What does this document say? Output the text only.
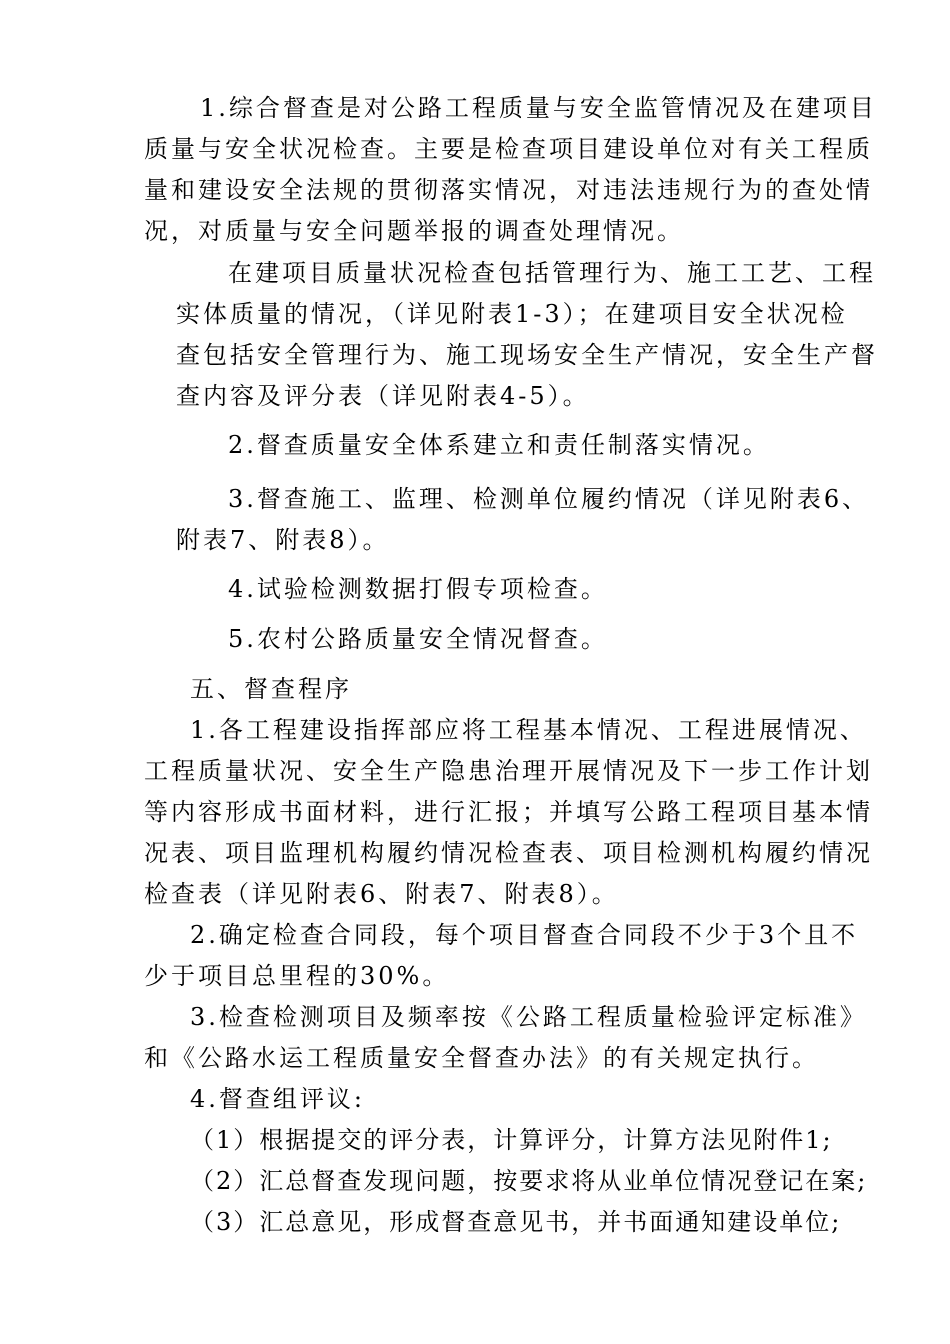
1.综合督查是对公路工程质量与安全监管情况及在建项目
质量与安全状况检查。主要是检查项目建设单位对有关工程质
量和建设安全法规的贯彻落实情况，对违法违规行为的查处情
况，对质量与安全问题举报的调查处理情况。
在建项目质量状况检查包括管理行为、施工工艺、工程
实体质量的情况，（详见附表1-3）；在建项目安全状况检
查包括安全管理行为、施工现场安全生产情况，安全生产督
查内容及评分表（详见附表4-5）。
2.督查质量安全体系建立和责任制落实情况。
3.督查施工、监理、检测单位履约情况（详见附表6、
附表7、附表8）。
4.试验检测数据打假专项检查。
5.农村公路质量安全情况督查。
五、督查程序
1.各工程建设指挥部应将工程基本情况、工程进展情况、
工程质量状况、安全生产隐患治理开展情况及下一步工作计划
等内容形成书面材料，进行汇报；并填写公路工程项目基本情
况表、项目监理机构履约情况检查表、项目检测机构履约情况
检查表（详见附表6、附表7、附表8）。
2.确定检查合同段，每个项目督查合同段不少于3个且不
少于项目总里程的30%。
3.检查检测项目及频率按《公路工程质量检验评定标准》
和《公路水运工程质量安全督查办法》的有关规定执行。
4.督查组评议:
（1）根据提交的评分表，计算评分，计算方法见附件1;
（2）汇总督查发现问题，按要求将从业单位情况登记在案;
（3）汇总意见，形成督查意见书，并书面通知建设单位;
